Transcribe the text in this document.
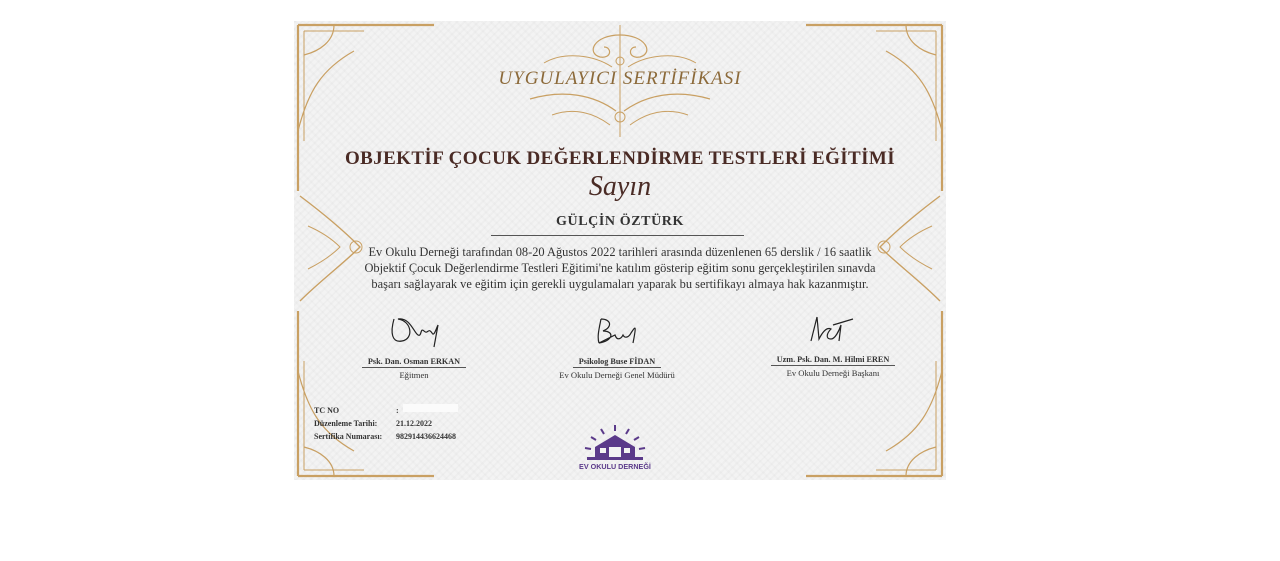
UYGULAYICI SERTİFİKASI
OBJEKTİF ÇOCUK DEĞERLENDİRME TESTLERİ EĞİTİMİ
Sayın
GÜLÇİN ÖZTÜRK
Ev Okulu Derneği tarafından 08-20 Ağustos 2022 tarihleri arasında düzenlenen 65 derslik / 16 saatlik
Objektif Çocuk Değerlendirme Testleri Eğitimi'ne katılım gösterip eğitim sonu gerçekleştirilen sınavda
başarı sağlayarak ve eğitim için gerekli uygulamaları yaparak bu sertifikayı almaya hak kazanmıştır.
Psk. Dan. Osman ERKAN
Eğitmen
Psikolog Buse FİDAN
Ev Okulu Derneği Genel Müdürü
Uzm. Psk. Dan. M. Hilmi EREN
Ev Okulu Derneği Başkanı
TC NO	:
Düzenleme Tarihi:	21.12.2022
Sertifika Numarası:	982914436624468
EV OKULU DERNEĞİ
